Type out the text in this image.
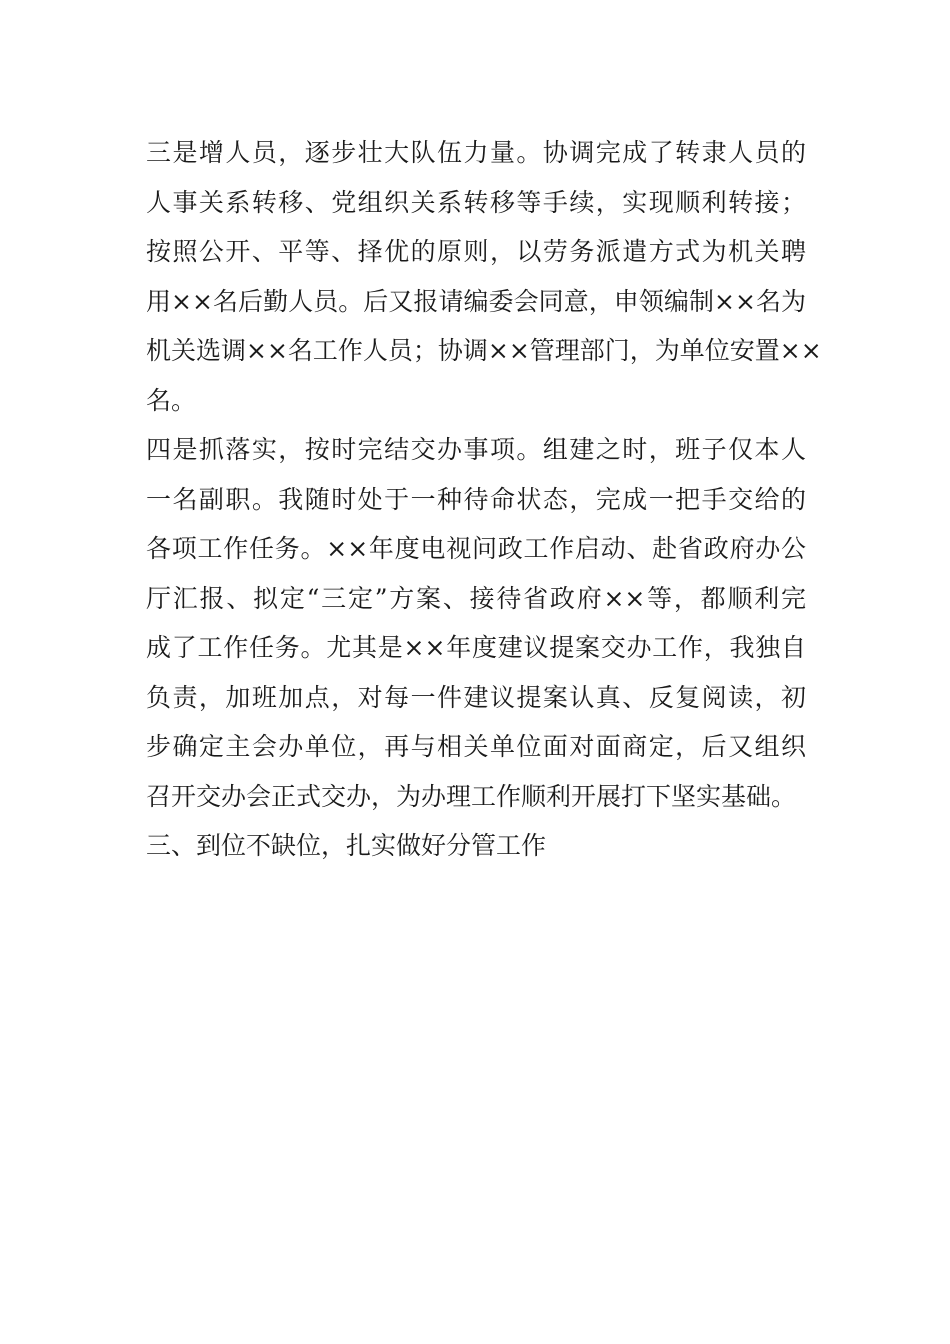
三是增人员，逐步壮大队伍力量。协调完成了转隶人员的
人事关系转移、党组织关系转移等手续，实现顺利转接；
按照公开、平等、择优的原则，以劳务派遣方式为机关聘
用××名后勤人员。后又报请编委会同意，申领编制××名为
机关选调××名工作人员；协调××管理部门，为单位安置××
名。
四是抓落实，按时完结交办事项。组建之时，班子仅本人
一名副职。我随时处于一种待命状态，完成一把手交给的
各项工作任务。××年度电视问政工作启动、赴省政府办公
厅汇报、拟定“三定”方案、接待省政府××等，都顺利完
成了工作任务。尤其是××年度建议提案交办工作，我独自
负责，加班加点，对每一件建议提案认真、反复阅读，初
步确定主会办单位，再与相关单位面对面商定，后又组织
召开交办会正式交办，为办理工作顺利开展打下坚实基础。
三、到位不缺位，扎实做好分管工作
